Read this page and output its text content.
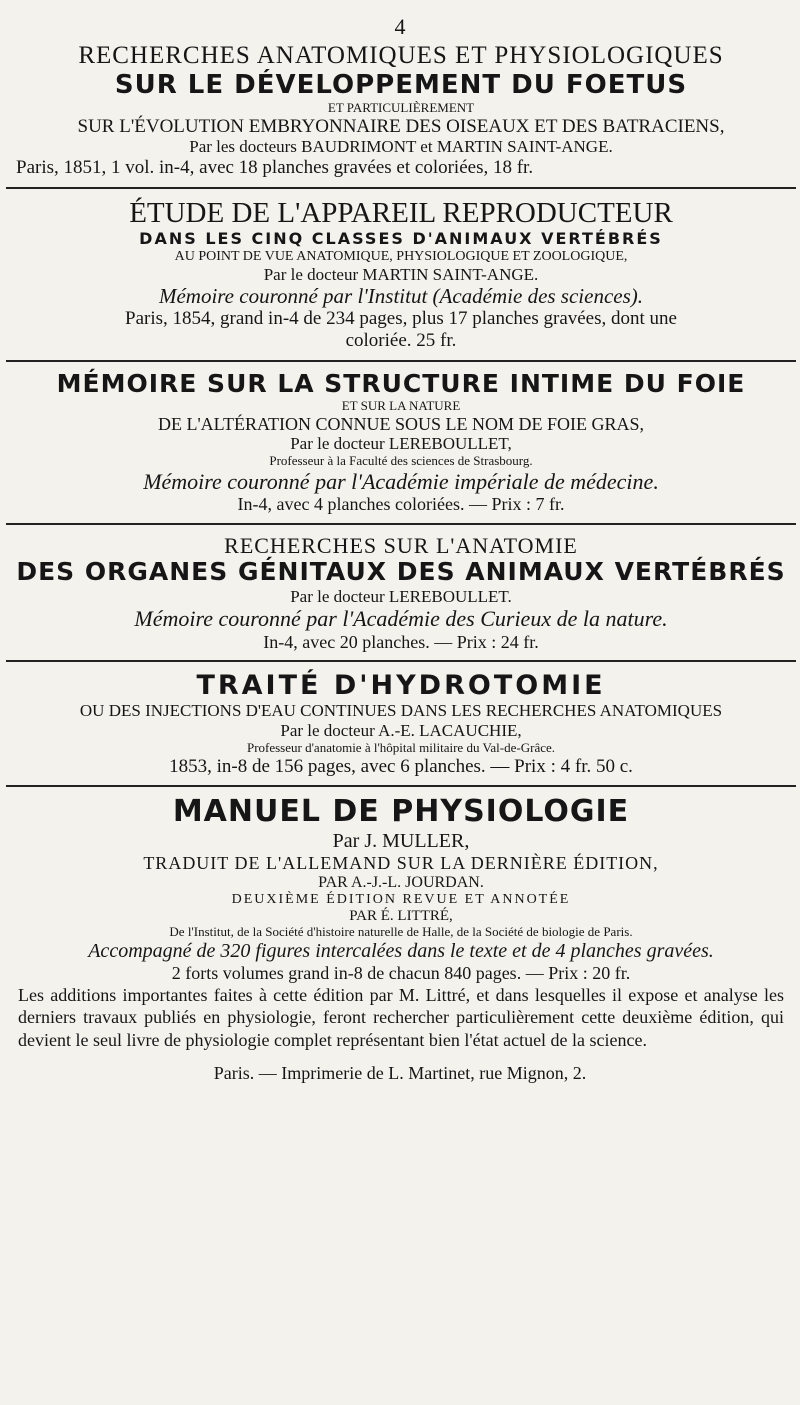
4
RECHERCHES ANATOMIQUES ET PHYSIOLOGIQUES
SUR LE DÉVELOPPEMENT DU FOETUS
ET PARTICULIÈREMENT
SUR L'ÉVOLUTION EMBRYONNAIRE DES OISEAUX ET DES BATRACIENS,
Par les docteurs BAUDRIMONT et MARTIN SAINT-ANGE.
Paris, 1851, 1 vol. in-4, avec 18 planches gravées et coloriées, 18 fr.
ÉTUDE DE L'APPAREIL REPRODUCTEUR
DANS LES CINQ CLASSES D'ANIMAUX VERTÉBRÉS
AU POINT DE VUE ANATOMIQUE, PHYSIOLOGIQUE ET ZOOLOGIQUE,
Par le docteur MARTIN SAINT-ANGE.
Mémoire couronné par l'Institut (Académie des sciences).
Paris, 1854, grand in-4 de 234 pages, plus 17 planches gravées, dont une
coloriée. 25 fr.
MÉMOIRE SUR LA STRUCTURE INTIME DU FOIE
ET SUR LA NATURE
DE L'ALTÉRATION CONNUE SOUS LE NOM DE FOIE GRAS,
Par le docteur LEREBOULLET,
Professeur à la Faculté des sciences de Strasbourg.
Mémoire couronné par l'Académie impériale de médecine.
In-4, avec 4 planches coloriées. — Prix : 7 fr.
RECHERCHES SUR L'ANATOMIE
DES ORGANES GÉNITAUX DES ANIMAUX VERTÉBRÉS
Par le docteur LEREBOULLET.
Mémoire couronné par l'Académie des Curieux de la nature.
In-4, avec 20 planches. — Prix : 24 fr.
TRAITÉ D'HYDROTOMIE
OU DES INJECTIONS D'EAU CONTINUES DANS LES RECHERCHES ANATOMIQUES
Par le docteur A.-E. LACAUCHIE,
Professeur d'anatomie à l'hôpital militaire du Val-de-Grâce.
1853, in-8 de 156 pages, avec 6 planches. — Prix : 4 fr. 50 c.
MANUEL DE PHYSIOLOGIE
Par J. MULLER,
TRADUIT DE L'ALLEMAND SUR LA DERNIÈRE ÉDITION,
PAR A.-J.-L. JOURDAN.
DEUXIÈME ÉDITION REVUE ET ANNOTÉE
PAR É. LITTRÉ,
De l'Institut, de la Société d'histoire naturelle de Halle, de la Société de biologie de Paris.
Accompagné de 320 figures intercalées dans le texte et de 4 planches gravées.
2 forts volumes grand in-8 de chacun 840 pages. — Prix : 20 fr.
Les additions importantes faites à cette édition par M. Littré, et dans lesquelles il expose et analyse les derniers travaux publiés en physiologie, feront rechercher particulièrement cette deuxième édition, qui devient le seul livre de physiologie complet représentant bien l'état actuel de la science.
Paris. — Imprimerie de L. Martinet, rue Mignon, 2.
